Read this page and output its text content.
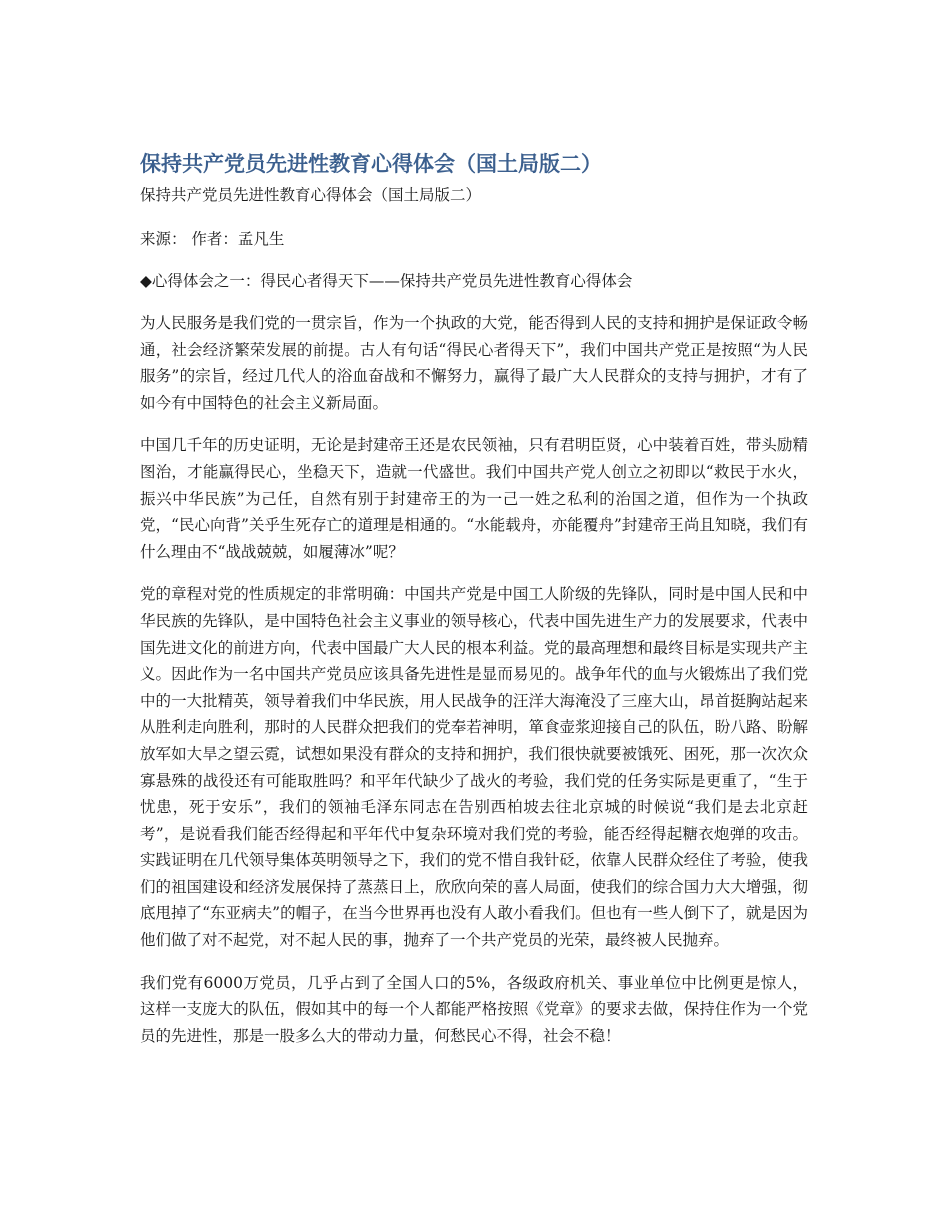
保持共产党员先进性教育心得体会（国土局版二）

保持共产党员先进性教育心得体会（国土局版二）

来源： 作者：孟凡生

◆心得体会之一：得民心者得天下——保持共产党员先进性教育心得体会

为人民服务是我们党的一贯宗旨，作为一个执政的大党，能否得到人民的支持和拥护是保证政令畅通，社会经济繁荣发展的前提。古人有句话“得民心者得天下”，我们中国共产党正是按照“为人民服务”的宗旨，经过几代人的浴血奋战和不懈努力，赢得了最广大人民群众的支持与拥护，才有了如今有中国特色的社会主义新局面。

中国几千年的历史证明，无论是封建帝王还是农民领袖，只有君明臣贤，心中装着百姓，带头励精图治，才能赢得民心，坐稳天下，造就一代盛世。我们中国共产党人创立之初即以“救民于水火，振兴中华民族”为己任，自然有别于封建帝王的为一己一姓之私利的治国之道，但作为一个执政党，“民心向背”关乎生死存亡的道理是相通的。“水能载舟，亦能覆舟”封建帝王尚且知晓，我们有什么理由不“战战兢兢，如履薄冰”呢？

党的章程对党的性质规定的非常明确：中国共产党是中国工人阶级的先锋队，同时是中国人民和中华民族的先锋队，是中国特色社会主义事业的领导核心，代表中国先进生产力的发展要求，代表中国先进文化的前进方向，代表中国最广大人民的根本利益。党的最高理想和最终目标是实现共产主义。因此作为一名中国共产党员应该具备先进性是显而易见的。战争年代的血与火锻炼出了我们党中的一大批精英，领导着我们中华民族，用人民战争的汪洋大海淹没了三座大山，昂首挺胸站起来从胜利走向胜利，那时的人民群众把我们的党奉若神明，箪食壶浆迎接自己的队伍，盼八路、盼解放军如大旱之望云霓，试想如果没有群众的支持和拥护，我们很快就要被饿死、困死，那一次次众寡悬殊的战役还有可能取胜吗？和平年代缺少了战火的考验，我们党的任务实际是更重了，“生于忧患，死于安乐”，我们的领袖毛泽东同志在告别西柏坡去往北京城的时候说“我们是去北京赶考”，是说看我们能否经得起和平年代中复杂环境对我们党的考验，能否经得起糖衣炮弹的攻击。实践证明在几代领导集体英明领导之下，我们的党不惜自我针砭，依靠人民群众经住了考验，使我们的祖国建设和经济发展保持了蒸蒸日上，欣欣向荣的喜人局面，使我们的综合国力大大增强，彻底甩掉了“东亚病夫”的帽子，在当今世界再也没有人敢小看我们。但也有一些人倒下了，就是因为他们做了对不起党，对不起人民的事，抛弃了一个共产党员的光荣，最终被人民抛弃。

我们党有6000万党员，几乎占到了全国人口的5%，各级政府机关、事业单位中比例更是惊人，这样一支庞大的队伍，假如其中的每一个人都能严格按照《党章》的要求去做，保持住作为一个党员的先进性，那是一股多么大的带动力量，何愁民心不得，社会不稳！
